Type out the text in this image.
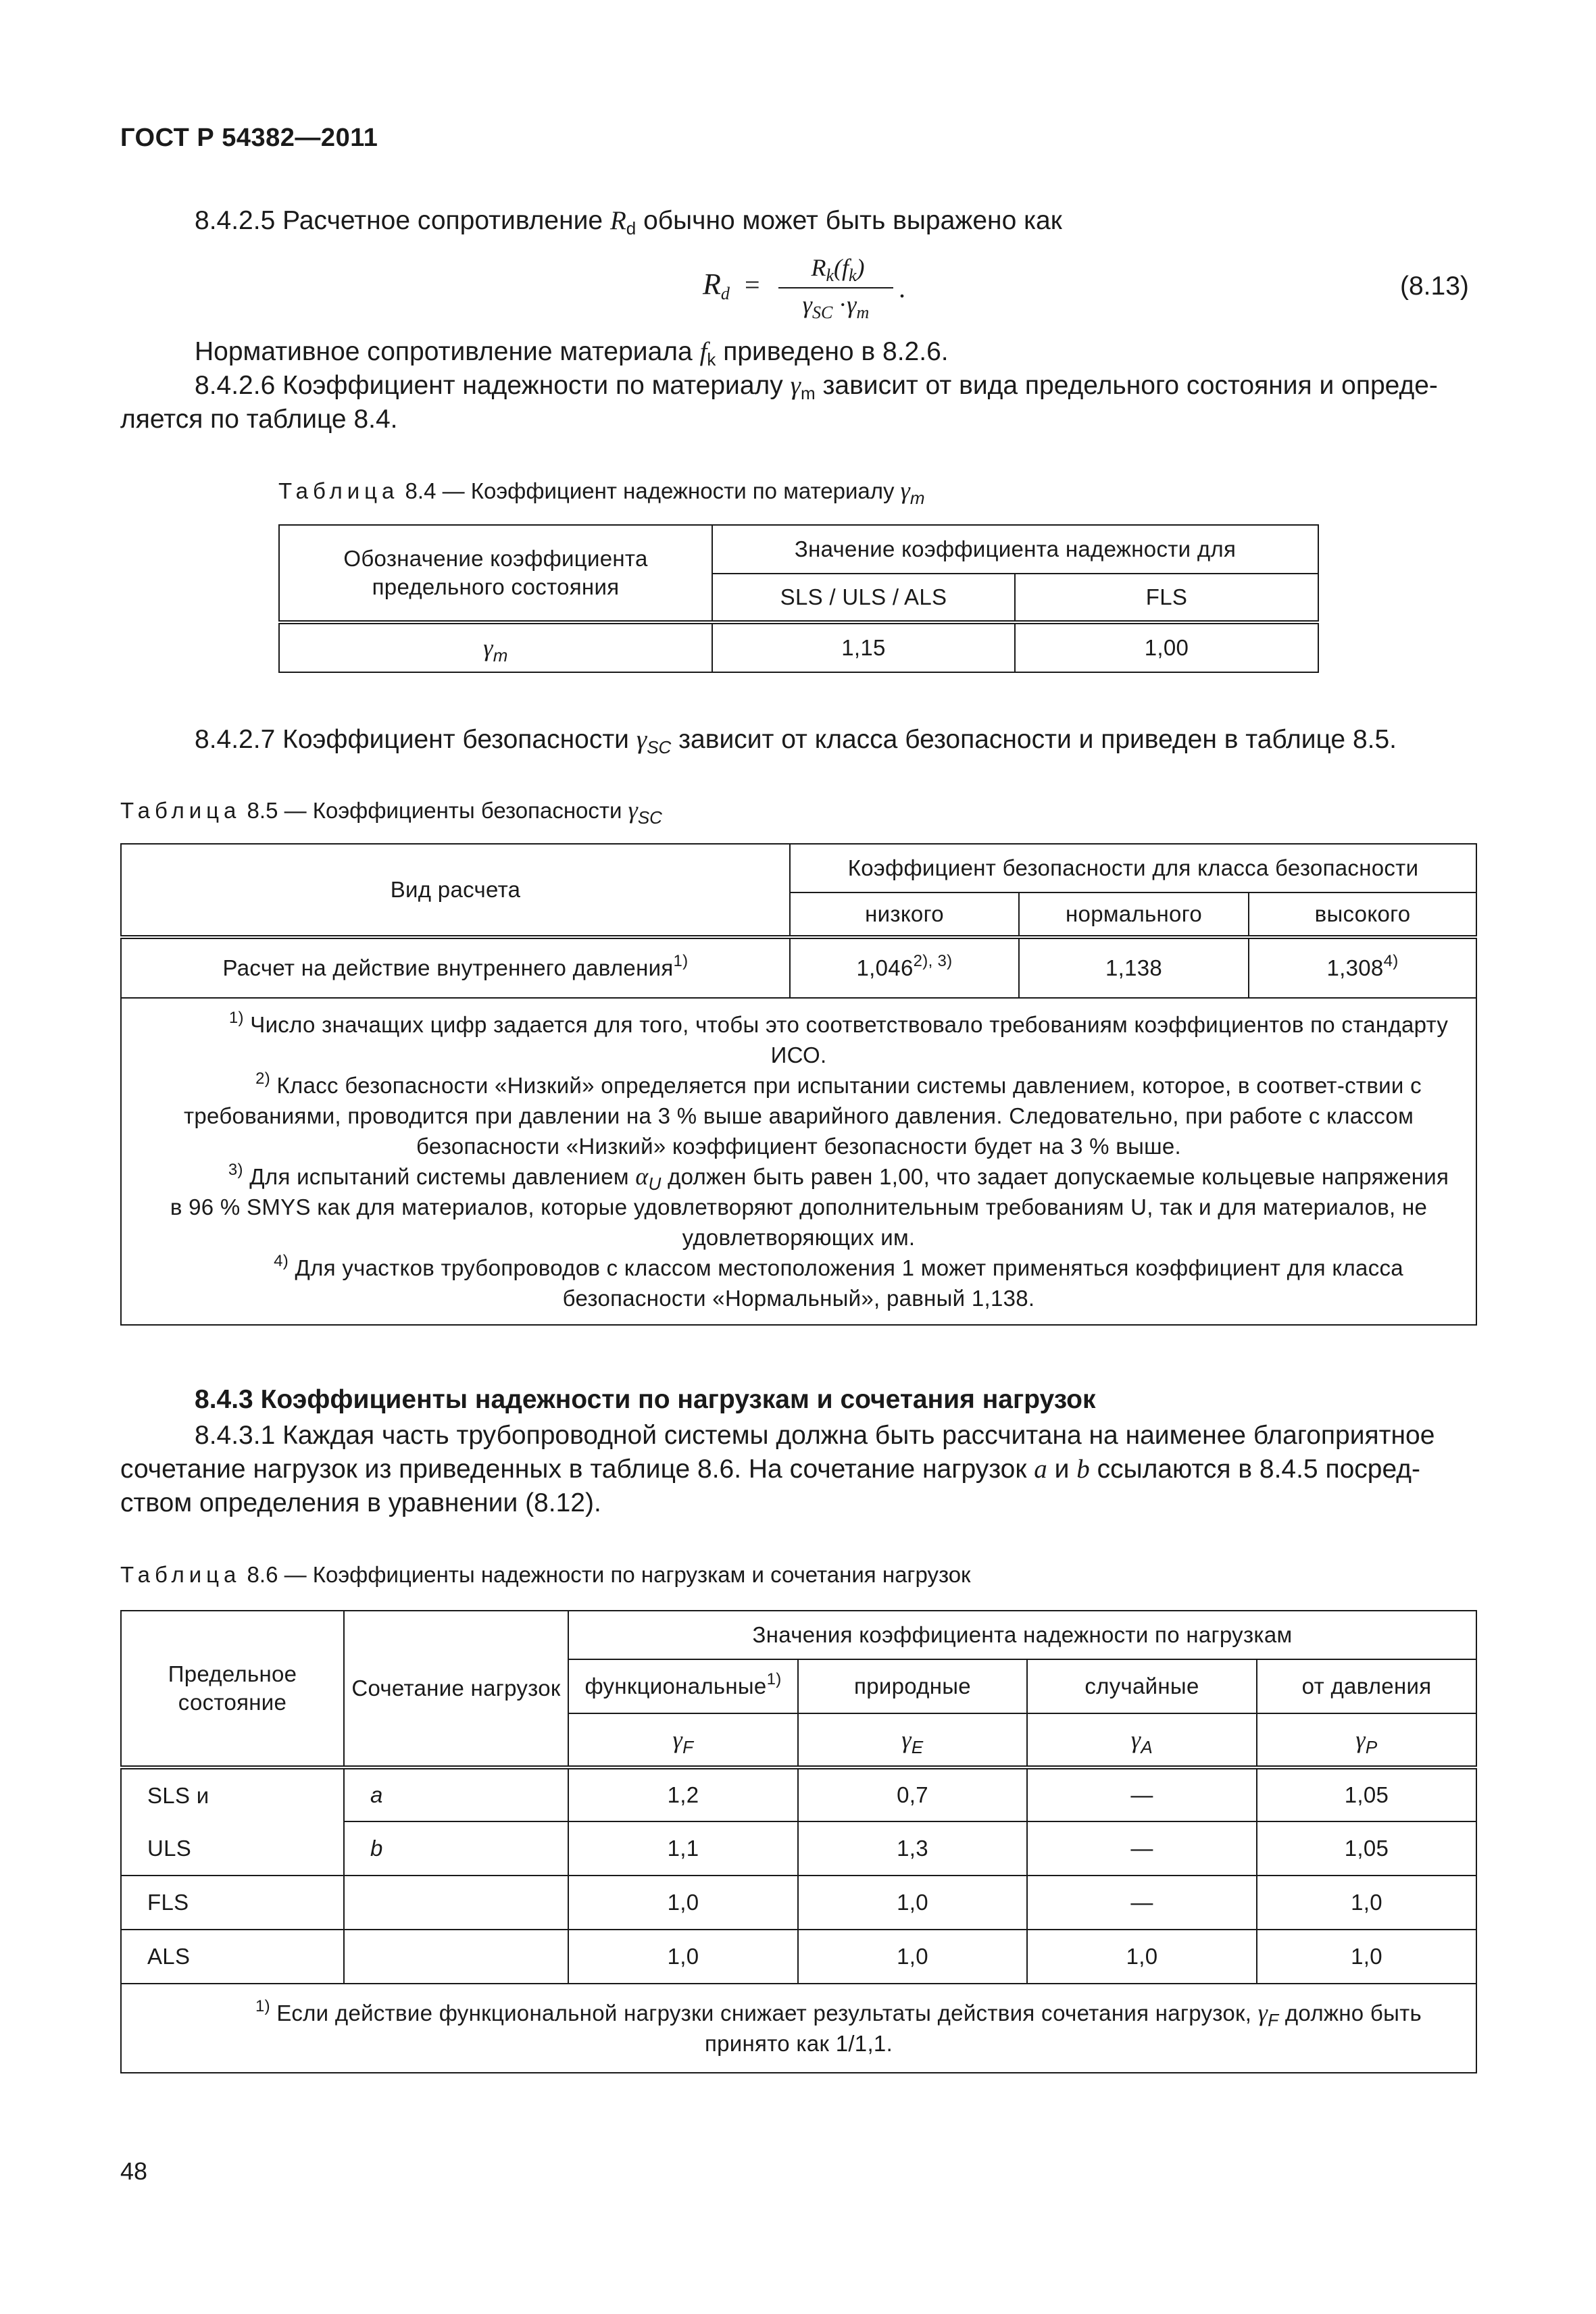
ГОСТ Р 54382—2011
8.4.2.5 Расчетное сопротивление $R_d$ обычно может быть выражено как
$R_d$ =
$R_k(f_k)$
$\gamma_{SC} \cdot\gamma_m$
.	(8.13)
Нормативное сопротивление материала $f_k$ приведено в 8.2.6.
8.4.2.6 Коэффициент надежности по материалу $\gamma_m$ зависит от вида предельного состояния и опреде-
ляется по таблице 8.4.
Таблица 8.4 — Коэффициент надежности по материалу $\gamma_m$
Обозначение коэффициента предельного состояния	Значение коэффициента надежности для	
	SLS / ULS / ALS	FLS
$\gamma_m$	1,15	1,00
8.4.2.7 Коэффициент безопасности $\gamma_{SC}$ зависит от класса безопасности и приведен в таблице 8.5.
Таблица 8.5 — Коэффициенты безопасности $\gamma_{SC}$
Вид расчета	Коэффициент безопасности для класса безопасности		
	низкого	нормального	высокого
Расчет на действие внутреннего давления$^{1)}$	$1,046^{2), 3)}$	1,138	1,308$^{4)}$

$^{1)}$ Число значащих цифр задается для того, чтобы это соответствовало требованиям коэффициентов по стандарту ИСО.

$^{2)}$ Класс безопасности «Низкий» определяется при испытании системы давлением, которое, в соответ-ствии с требованиями, проводится при давлении на 3 % выше аварийного давления. Следовательно, при работе с классом безопасности «Низкий» коэффициент безопасности будет на 3 % выше.

$^{3)}$ Для испытаний системы давлением $\alpha_U$ должен быть равен 1,00, что задает допускаемые кольцевые напряжения в 96 % SMYS как для материалов, которые удовлетворяют дополнительным требованиям U, так и для материалов, не удовлетворяющих им.

$^{4)}$ Для участков трубопроводов с классом местоположения 1 может применяться коэффициент для класса безопасности «Нормальный», равный 1,138.			

8.4.3 Коэффициенты надежности по нагрузкам и сочетания нагрузок
8.4.3.1 Каждая часть трубопроводной системы должна быть рассчитана на наименее благоприятное
сочетание нагрузок из приведенных в таблице 8.6. На сочетание нагрузок a и b ссылаются в 8.4.5 посред-
ством определения в уравнении (8.12).
Таблица 8.6 — Коэффициенты надежности по нагрузкам и сочетания нагрузок
Предельное состояние	Сочетание нагрузок	Значения коэффициента надежности по нагрузкам			
		функциональные$^{1)}$	природные	случайные	от давления
		$\gamma_F$	$\gamma_E$	$\gamma_A$	$\gamma_P$
SLS и	a	1,2	0,7	—	1,05
ULS	b	1,1	1,3	—	1,05
FLS		1,0	1,0	—	1,0
ALS		1,0	1,0	1,0	1,0

$^{1)}$ Если действие функциональной нагрузки снижает результаты действия сочетания нагрузок, $\gamma_F$ должно быть принято как 1/1,1.					

48
